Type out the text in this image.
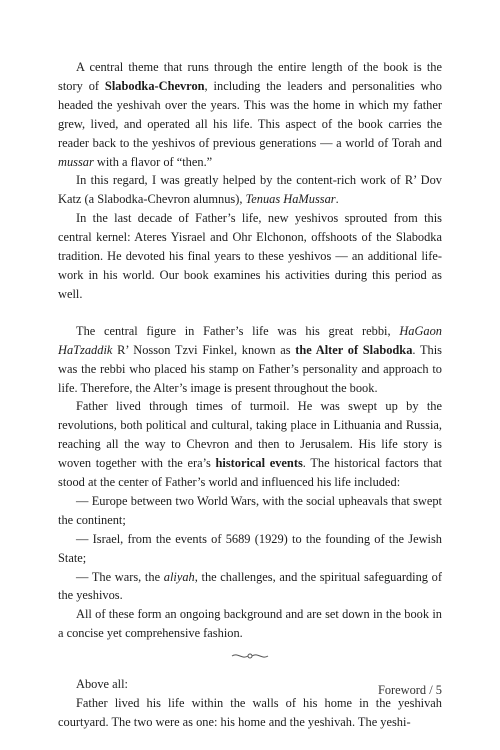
A central theme that runs through the entire length of the book is the story of Slabodka-Chevron, including the leaders and personalities who headed the yeshivah over the years. This was the home in which my father grew, lived, and operated all his life. This aspect of the book carries the reader back to the yeshivos of previous generations — a world of Torah and mussar with a flavor of “then.”

In this regard, I was greatly helped by the content-rich work of R’ Dov Katz (a Slabodka-Chevron alumnus), Tenuas HaMussar.

In the last decade of Father’s life, new yeshivos sprouted from this central kernel: Ateres Yisrael and Ohr Elchonon, offshoots of the Slabodka tradition. He devoted his final years to these yeshivos — an additional life-work in his world. Our book examines his activities during this period as well.

The central figure in Father’s life was his great rebbi, HaGaon HaTzaddik R’ Nosson Tzvi Finkel, known as the Alter of Slabodka. This was the rebbi who placed his stamp on Father’s personality and approach to life. Therefore, the Alter’s image is present throughout the book.

Father lived through times of turmoil. He was swept up by the revolutions, both political and cultural, taking place in Lithuania and Russia, reaching all the way to Chevron and then to Jerusalem. His life story is woven together with the era’s historical events. The historical factors that stood at the center of Father’s world and influenced his life included:

— Europe between two World Wars, with the social upheavals that swept the continent;

— Israel, from the events of 5689 (1929) to the founding of the Jewish State;

— The wars, the aliyah, the challenges, and the spiritual safeguarding of the yeshivos.

All of these form an ongoing background and are set down in the book in a concise yet comprehensive fashion.

Above all:

Father lived his life within the walls of his home in the yeshivah courtyard. The two were as one: his home and the yeshivah. The yeshi-

Foreword / 5
